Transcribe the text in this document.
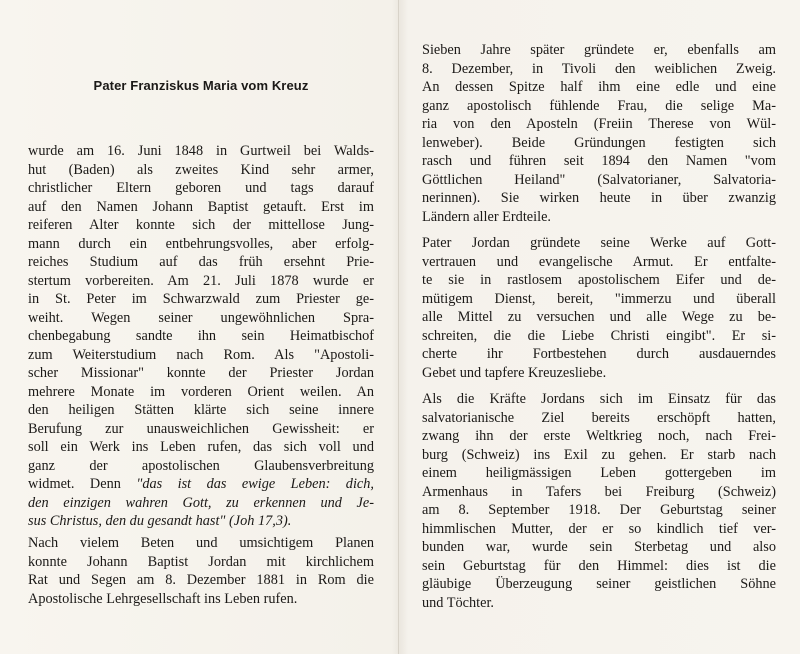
Pater Franziskus Maria vom Kreuz

wurde am 16. Juni 1848 in Gurtweil bei Walds-
hut (Baden) als zweites Kind sehr armer,
christlicher Eltern geboren und tags darauf
auf den Namen Johann Baptist getauft. Erst im
reiferen Alter konnte sich der mittellose Jung-
mann durch ein entbehrungsvolles, aber erfolg-
reiches Studium auf das früh ersehnt Prie-
stertum vorbereiten. Am 21. Juli 1878 wurde er
in St. Peter im Schwarzwald zum Priester ge-
weiht. Wegen seiner ungewöhnlichen Spra-
chenbegabung sandte ihn sein Heimatbischof
zum Weiterstudium nach Rom. Als "Apostoli-
scher Missionar" konnte der Priester Jordan
mehrere Monate im vorderen Orient weilen. An
den heiligen Stätten klärte sich seine innere
Berufung zur unausweichlichen Gewissheit: er
soll ein Werk ins Leben rufen, das sich voll und
ganz der apostolischen Glaubensverbreitung
widmet. Denn "das ist das ewige Leben: dich,
den einzigen wahren Gott, zu erkennen und Je-
sus Christus, den du gesandt hast" (Joh 17,3).

Nach vielem Beten und umsichtigem Planen
konnte Johann Baptist Jordan mit kirchlichem
Rat und Segen am 8. Dezember 1881 in Rom die
Apostolische Lehrgesellschaft ins Leben rufen.

Sieben Jahre später gründete er, ebenfalls am
8. Dezember, in Tivoli den weiblichen Zweig.
An dessen Spitze half ihm eine edle und eine
ganz apostolisch fühlende Frau, die selige Ma-
ria von den Aposteln (Freiin Therese von Wül-
lenweber). Beide Gründungen festigten sich
rasch und führen seit 1894 den Namen "vom
Göttlichen Heiland" (Salvatorianer, Salvatoria-
nerinnen). Sie wirken heute in über zwanzig
Ländern aller Erdteile.

Pater Jordan gründete seine Werke auf Gott-
vertrauen und evangelische Armut. Er entfalte-
te sie in rastlosem apostolischem Eifer und de-
mütigem Dienst, bereit, "immerzu und überall
alle Mittel zu versuchen und alle Wege zu be-
schreiten, die die Liebe Christi eingibt". Er si-
cherte ihr Fortbestehen durch ausdauerndes
Gebet und tapfere Kreuzesliebe.

Als die Kräfte Jordans sich im Einsatz für das
salvatorianische Ziel bereits erschöpft hatten,
zwang ihn der erste Weltkrieg noch, nach Frei-
burg (Schweiz) ins Exil zu gehen. Er starb nach
einem heiligmässigen Leben gottergeben im
Armenhaus in Tafers bei Freiburg (Schweiz)
am 8. September 1918. Der Geburtstag seiner
himmlischen Mutter, der er so kindlich tief ver-
bunden war, wurde sein Sterbetag und also
sein Geburtstag für den Himmel: dies ist die
gläubige Überzeugung seiner geistlichen Söhne
und Töchter.
